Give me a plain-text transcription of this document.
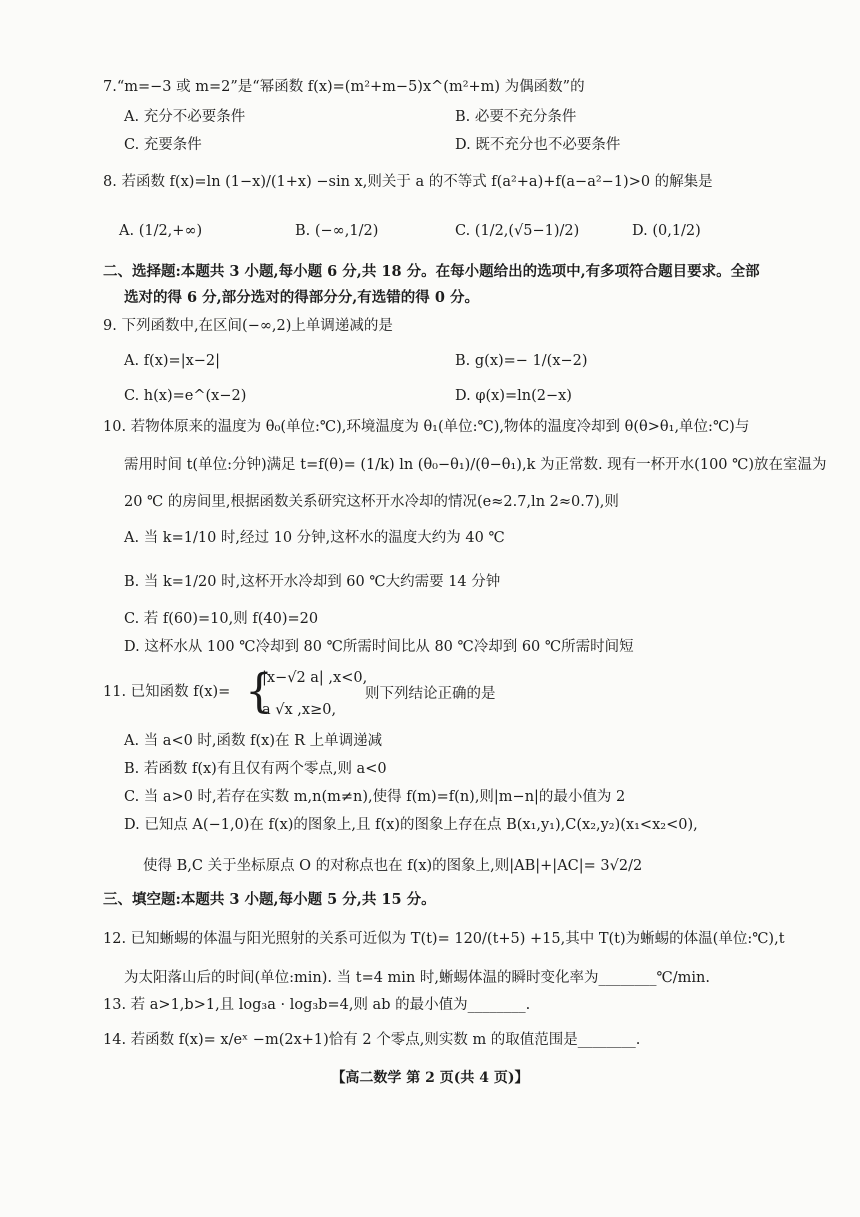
7.“m=−3 或 m=2”是“幂函数 f(x)=(m²+m−5)x^(m²+m) 为偶函数”的
A. 充分不必要条件	B. 必要不充分条件
C. 充要条件	D. 既不充分也不必要条件
8. 若函数 f(x)=ln (1−x)/(1+x) −sin x,则关于 a 的不等式 f(a²+a)+f(a−a²−1)>0 的解集是
A. (1/2,+∞)	B. (−∞,1/2)	C. (1/2,(√5−1)/2)	D. (0,1/2)
二、选择题:本题共 3 小题,每小题 6 分,共 18 分。在每小题给出的选项中,有多项符合题目要求。全部
选对的得 6 分,部分选对的得部分分,有选错的得 0 分。
9. 下列函数中,在区间(−∞,2)上单调递减的是
A. f(x)=|x−2|	B. g(x)=− 1/(x−2)
C. h(x)=e^(x−2)	D. φ(x)=ln(2−x)
10. 若物体原来的温度为 θ₀(单位:℃),环境温度为 θ₁(单位:℃),物体的温度冷却到 θ(θ>θ₁,单位:℃)与
需用时间 t(单位:分钟)满足 t=f(θ)= (1/k) ln (θ₀−θ₁)/(θ−θ₁),k 为正常数. 现有一杯开水(100 ℃)放在室温为
20 ℃ 的房间里,根据函数关系研究这杯开水冷却的情况(e≈2.7,ln 2≈0.7),则
A. 当 k=1/10 时,经过 10 分钟,这杯水的温度大约为 40 ℃
B. 当 k=1/20 时,这杯开水冷却到 60 ℃大约需要 14 分钟
C. 若 f(60)=10,则 f(40)=20
D. 这杯水从 100 ℃冷却到 80 ℃所需时间比从 80 ℃冷却到 60 ℃所需时间短
11. 已知函数 f(x)= {
|x−√2 a| ,x<0,
a √x ,x≥0,
则下列结论正确的是
A. 当 a<0 时,函数 f(x)在 R 上单调递减
B. 若函数 f(x)有且仅有两个零点,则 a<0
C. 当 a>0 时,若存在实数 m,n(m≠n),使得 f(m)=f(n),则|m−n|的最小值为 2
D. 已知点 A(−1,0)在 f(x)的图象上,且 f(x)的图象上存在点 B(x₁,y₁),C(x₂,y₂)(x₁<x₂<0),
使得 B,C 关于坐标原点 O 的对称点也在 f(x)的图象上,则|AB|+|AC|= 3√2/2
三、填空题:本题共 3 小题,每小题 5 分,共 15 分。
12. 已知蜥蜴的体温与阳光照射的关系可近似为 T(t)= 120/(t+5) +15,其中 T(t)为蜥蜴的体温(单位:℃),t
为太阳落山后的时间(单位:min). 当 t=4 min 时,蜥蜴体温的瞬时变化率为________℃/min.
13. 若 a>1,b>1,且 log₃a · log₃b=4,则 ab 的最小值为________.
14. 若函数 f(x)= x/eˣ −m(2x+1)恰有 2 个零点,则实数 m 的取值范围是________.
【高二数学 第 2 页(共 4 页)】
